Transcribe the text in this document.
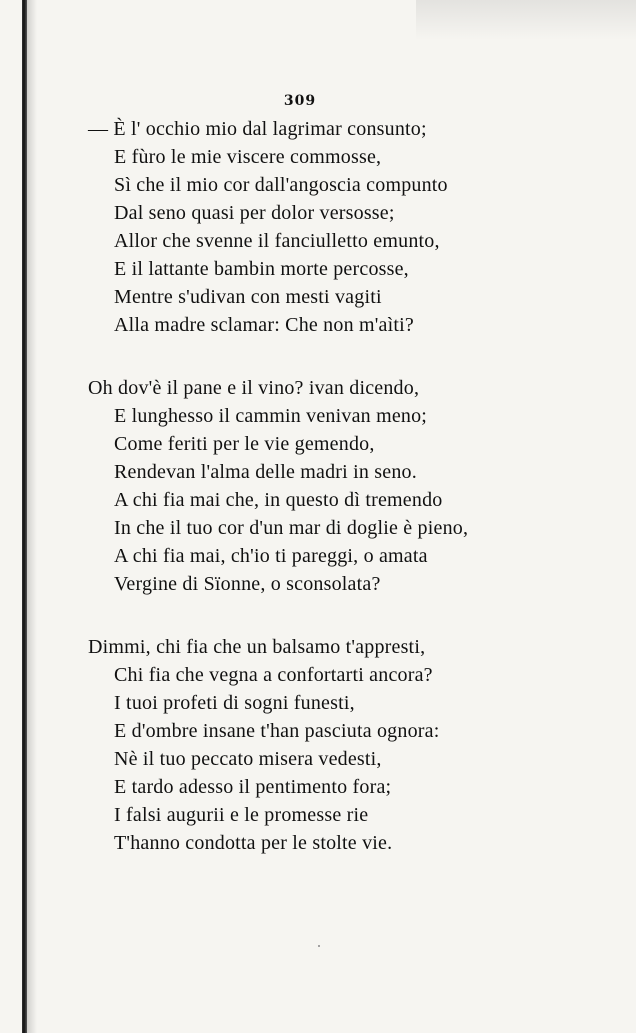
309
— È l' occhio mio dal lagrimar consunto;
E fùro le mie viscere commosse,
Sì che il mio cor dall'angoscia compunto
Dal seno quasi per dolor versosse;
Allor che svenne il fanciulletto emunto,
E il lattante bambin morte percosse,
Mentre s'udivan con mesti vagiti
Alla madre sclamar: Che non m'aìti?
Oh dov'è il pane e il vino? ivan dicendo,
E lunghesso il cammin venivan meno;
Come feriti per le vie gemendo,
Rendevan l'alma delle madri in seno.
A chi fia mai che, in questo dì tremendo
In che il tuo cor d'un mar di doglie è pieno,
A chi fia mai, ch'io ti pareggi, o amata
Vergine di Sïonne, o sconsolata?
Dimmi, chi fia che un balsamo t'appresti,
Chi fia che vegna a confortarti ancora?
I tuoi profeti di sogni funesti,
E d'ombre insane t'han pasciuta ognora:
Nè il tuo peccato misera vedesti,
E tardo adesso il pentimento fora;
I falsi augurii e le promesse rie
T'hanno condotta per le stolte vie.
